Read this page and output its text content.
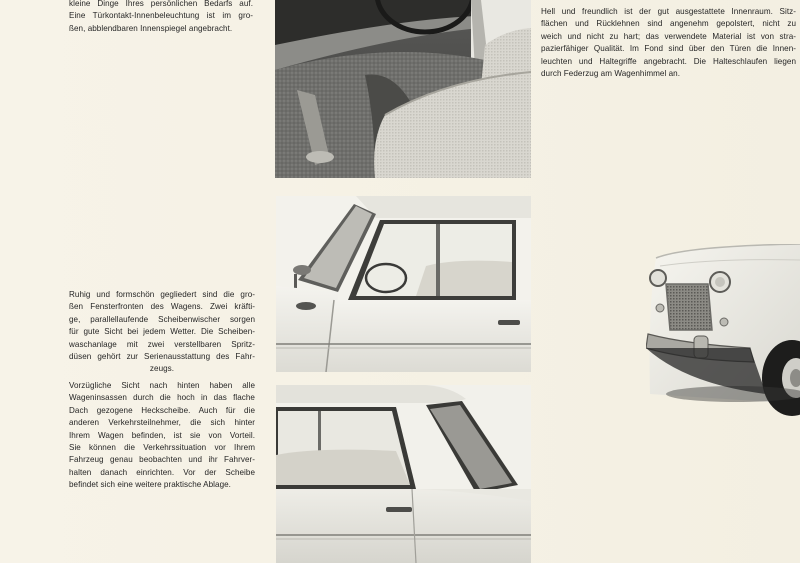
kleine Dinge Ihres persönlichen Bedarfs auf.
Eine Türkontakt-Innenbeleuchtung ist im gro-
ßen, abblendbaren Innenspiegel angebracht.
Hell und freundlich ist der gut ausgestattete Innenraum. Sitz-
flächen und Rücklehnen sind angenehm gepolstert, nicht zu
weich und nicht zu hart; das verwendete Material ist von stra-
pazierfähiger Qualität. Im Fond sind über den Türen die Innen-
leuchten und Haltegriffe angebracht. Die Halteschlaufen liegen
durch Federzug am Wagenhimmel an.
Ruhig und formschön gegliedert sind die gro-
ßen Fensterfronten des Wagens. Zwei kräfti-
ge, parallellaufende Scheibenwischer sorgen
für gute Sicht bei jedem Wetter. Die Scheiben-
waschanlage mit zwei verstellbaren Spritz-
düsen gehört zur Serienausstattung des Fahr-
zeugs.
Vorzügliche Sicht nach hinten haben alle
Wageninsassen durch die hoch in das flache
Dach gezogene Heckscheibe. Auch für die
anderen Verkehrsteilnehmer, die sich hinter
Ihrem Wagen befinden, ist sie von Vorteil.
Sie können die Verkehrssituation vor Ihrem
Fahrzeug genau beobachten und ihr Fahrver-
halten danach einrichten. Vor der Scheibe
befindet sich eine weitere praktische Ablage.
